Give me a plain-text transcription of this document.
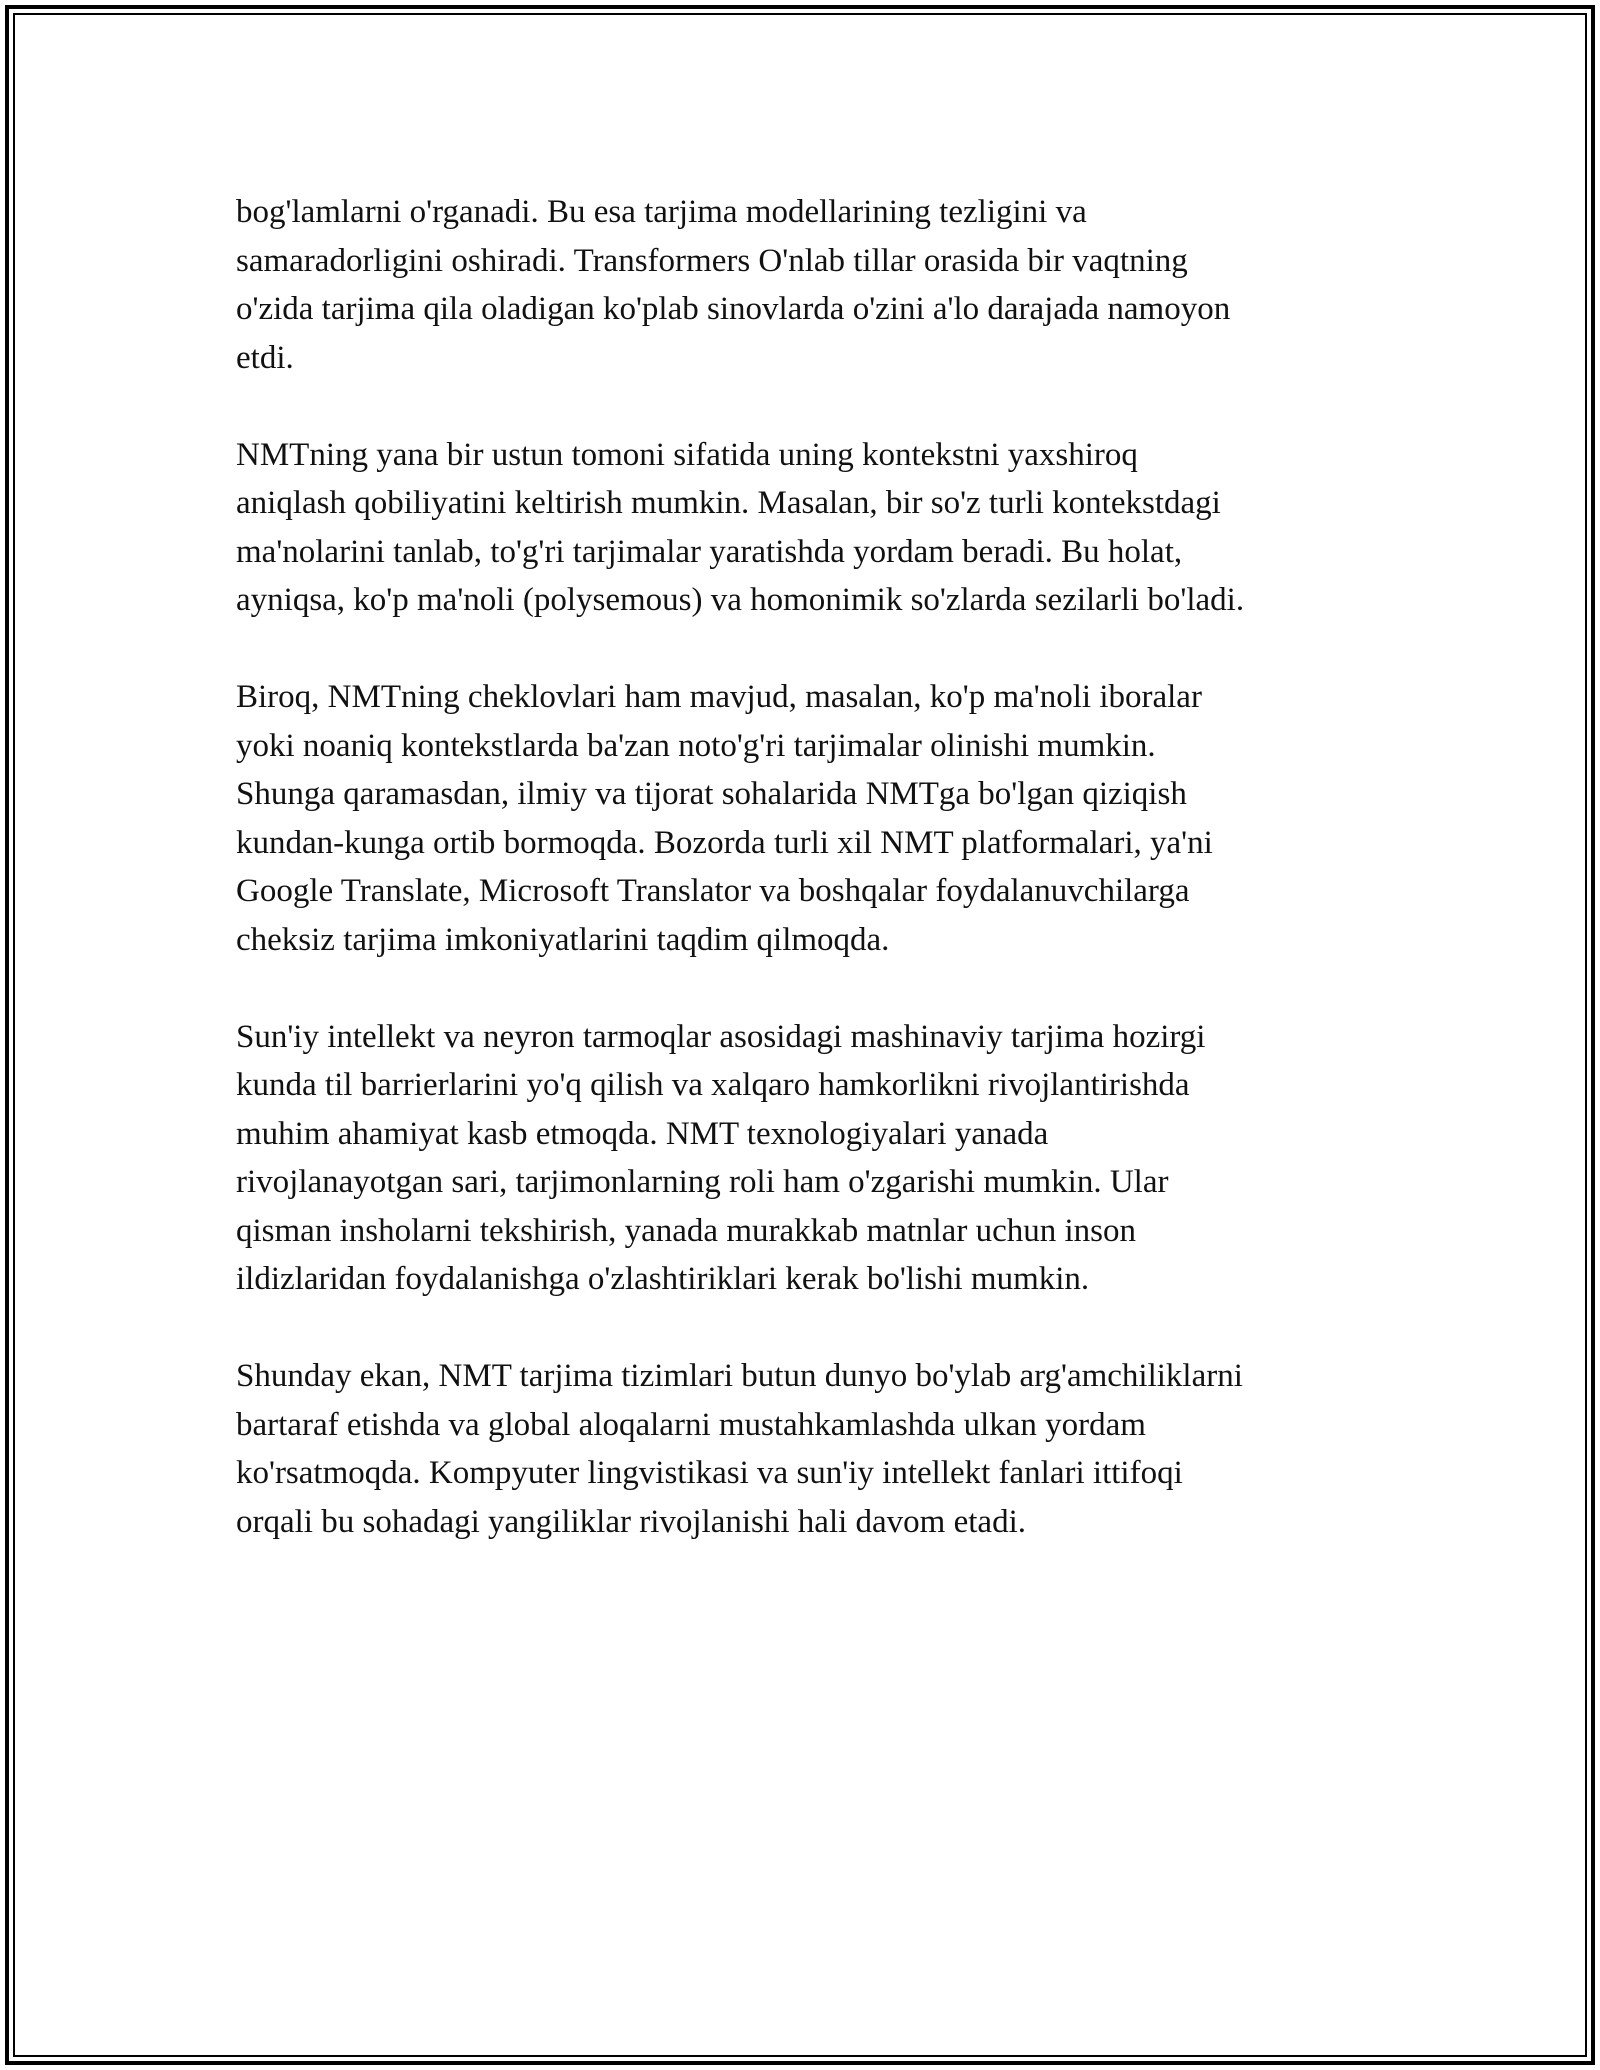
bog'lamlarni o'rganadi. Bu esa tarjima modellarining tezligini va
samaradorligini oshiradi. Transformers O'nlab tillar orasida bir vaqtning
o'zida tarjima qila oladigan ko'plab sinovlarda o'zini a'lo darajada namoyon
etdi.

NMTning yana bir ustun tomoni sifatida uning kontekstni yaxshiroq
aniqlash qobiliyatini keltirish mumkin. Masalan, bir so'z turli kontekstdagi
ma'nolarini tanlab, to'g'ri tarjimalar yaratishda yordam beradi. Bu holat,
ayniqsa, ko'p ma'noli (polysemous) va homonimik so'zlarda sezilarli bo'ladi.

Biroq, NMTning cheklovlari ham mavjud, masalan, ko'p ma'noli iboralar
yoki noaniq kontekstlarda ba'zan noto'g'ri tarjimalar olinishi mumkin.
Shunga qaramasdan, ilmiy va tijorat sohalarida NMTga bo'lgan qiziqish
kundan-kunga ortib bormoqda. Bozorda turli xil NMT platformalari, ya'ni
Google Translate, Microsoft Translator va boshqalar foydalanuvchilarga
cheksiz tarjima imkoniyatlarini taqdim qilmoqda.

Sun'iy intellekt va neyron tarmoqlar asosidagi mashinaviy tarjima hozirgi
kunda til barrierlarini yo'q qilish va xalqaro hamkorlikni rivojlantirishda
muhim ahamiyat kasb etmoqda. NMT texnologiyalari yanada
rivojlanayotgan sari, tarjimonlarning roli ham o'zgarishi mumkin. Ular
qisman insholarni tekshirish, yanada murakkab matnlar uchun inson
ildizlaridan foydalanishga o'zlashtiriklari kerak bo'lishi mumkin.

Shunday ekan, NMT tarjima tizimlari butun dunyo bo'ylab arg'amchiliklarni
bartaraf etishda va global aloqalarni mustahkamlashda ulkan yordam
ko'rsatmoqda. Kompyuter lingvistikasi va sun'iy intellekt fanlari ittifoqi
orqali bu sohadagi yangiliklar rivojlanishi hali davom etadi.
